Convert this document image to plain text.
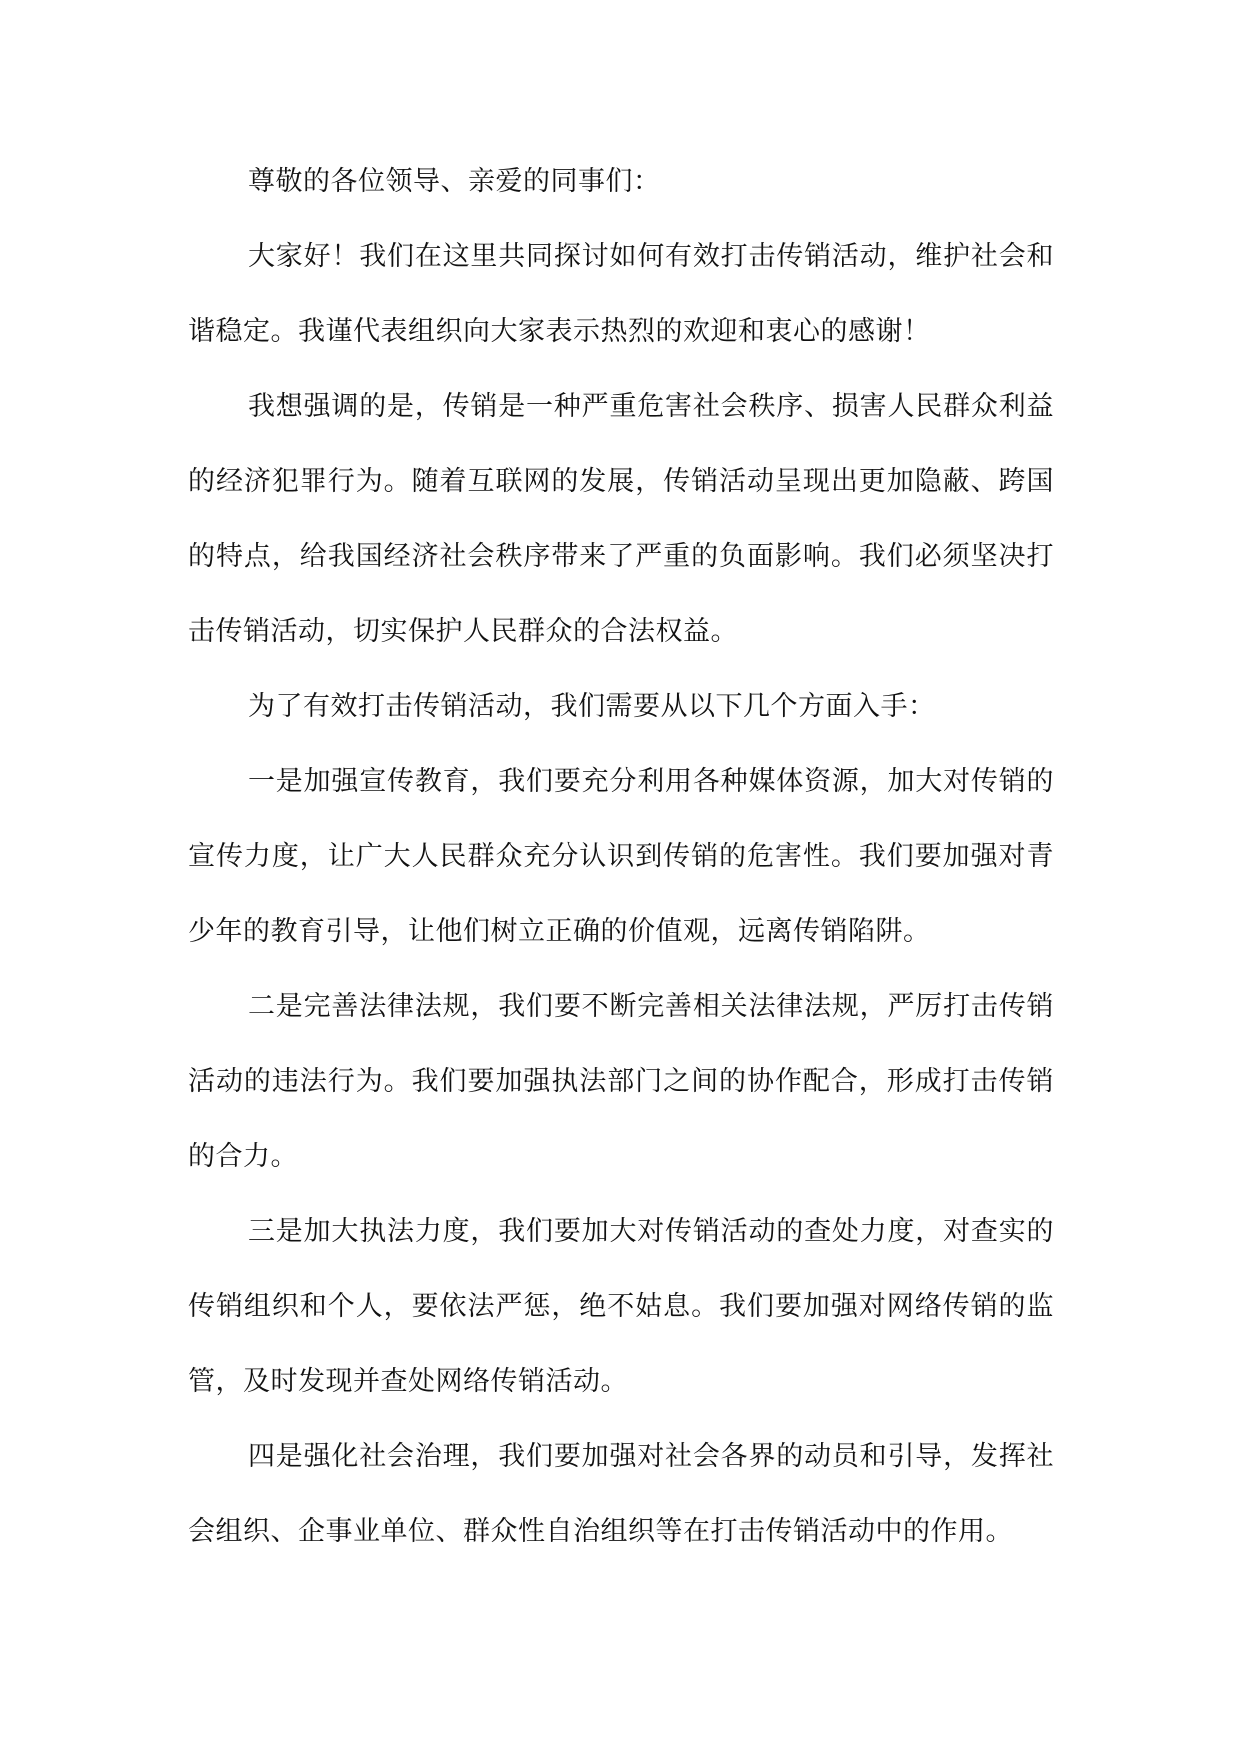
尊敬的各位领导、亲爱的同事们：

大家好！我们在这里共同探讨如何有效打击传销活动，维护社会和谐稳定。我谨代表组织向大家表示热烈的欢迎和衷心的感谢！

我想强调的是，传销是一种严重危害社会秩序、损害人民群众利益的经济犯罪行为。随着互联网的发展，传销活动呈现出更加隐蔽、跨国的特点，给我国经济社会秩序带来了严重的负面影响。我们必须坚决打击传销活动，切实保护人民群众的合法权益。

为了有效打击传销活动，我们需要从以下几个方面入手：

一是加强宣传教育，我们要充分利用各种媒体资源，加大对传销的宣传力度，让广大人民群众充分认识到传销的危害性。我们要加强对青少年的教育引导，让他们树立正确的价值观，远离传销陷阱。

二是完善法律法规，我们要不断完善相关法律法规，严厉打击传销活动的违法行为。我们要加强执法部门之间的协作配合，形成打击传销的合力。

三是加大执法力度，我们要加大对传销活动的查处力度，对查实的传销组织和个人，要依法严惩，绝不姑息。我们要加强对网络传销的监管，及时发现并查处网络传销活动。

四是强化社会治理，我们要加强对社会各界的动员和引导，发挥社会组织、企事业单位、群众性自治组织等在打击传销活动中的作用。
